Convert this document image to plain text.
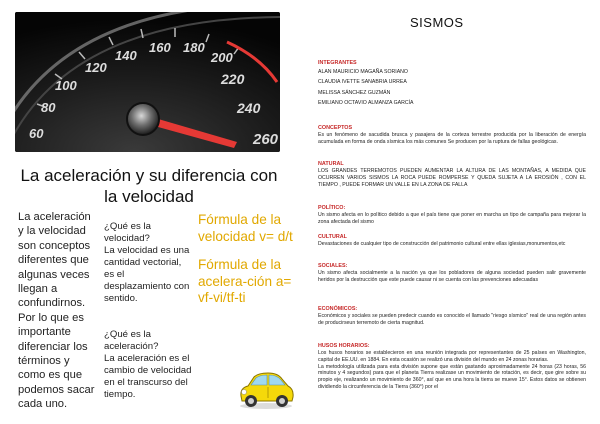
60
80
100
120
140
160 180
200
220
240
260
La aceleración y su diferencia con la velocidad
La aceleración y la velocidad son conceptos diferentes que algunas veces llegan a confundirnos. Por lo que es importante diferenciar los términos y como es que podemos sacar cada uno.

¿Qué es la velocidad?

La velocidad es una cantidad vectorial, es el desplazamiento con sentido.

¿Qué es la aceleración?

La aceleración es el cambio de velocidad en el transcurso del tiempo.

Fórmula de la velocidad v= d/t
Fórmula de la acelera-ción a= vf-vi/tf-ti
SISMOS
INTEGRANTES
ALAN MAURICIO MAGAÑA SORIANO
CLAUDIA IVETTE SANABRIA URREA
MELISSA SÁNCHEZ GUZMÁN
EMILIANO OCTAVIO ALMANZA GARCÍA
CONCEPTOS
Es un fenómeno de sacudida brusca y pasajera de la corteza terrestre producida por la liberación de energía acumulada en forma de onda sísmica los más comunes Se producen por la ruptura de fallas geológicas.
NATURAL
LOS GRANDES TERREMOTOS PUEDEN AUMENTAR LA ALTURA DE LAS MONTAÑAS, A MEDIDA QUE OCURREN VARIOS SISMOS LA ROCA PUEDE ROMPERSE Y QUEDA SUJETA A LA EROSIÓN , CON EL TIEMPO , PUEDE FORMAR UN VALLE EN LA ZONA DE FALLA
POLÍTICO:
Un sismo afecta en lo político debido a que el país tiene que poner en marcha un tipo de campaña para mejorar la zona afectada del sismo
CULTURAL
Devastaciones de cualquier tipo de construcción del patrimonio cultural entre ellas iglesias,monumentos,etc
SOCIALES:
Un sismo afecta socialmente a la nación ya que los pobladores de alguna sociedad pueden salir gravemente heridos por la destrucción que este puede causar ni se cuenta con las prevenciones adecuadas
ECONÓMICOS:
Económicos y sociales se pueden predecir cuando es conocido el llamado "riesgo sísmico" real de una región antes de producirseun terremoto de cierta magnitud.
HUSOS HORARIOS:
Los husos horarios se establecieron en una reunión integrada por representantes de 25 países en Washington, capital de EE.UU. en 1884. En esta ocasión se realizó una división del mundo en 24 zonas horarias.
La metodología utilizada para esta división supone que están gastando aproximadamente 24 horas (23 horas, 56 minutos y 4 segundos) para que el planeta Tierra realizase un movimiento de rotación, es decir, que gire sobre su propio eje, realizando un movimiento de 360°, así que en una hora la tierra se mueve 15°. Estos datos se obtienen dividiendo la circunferencia de la Tierra (360°) por el
